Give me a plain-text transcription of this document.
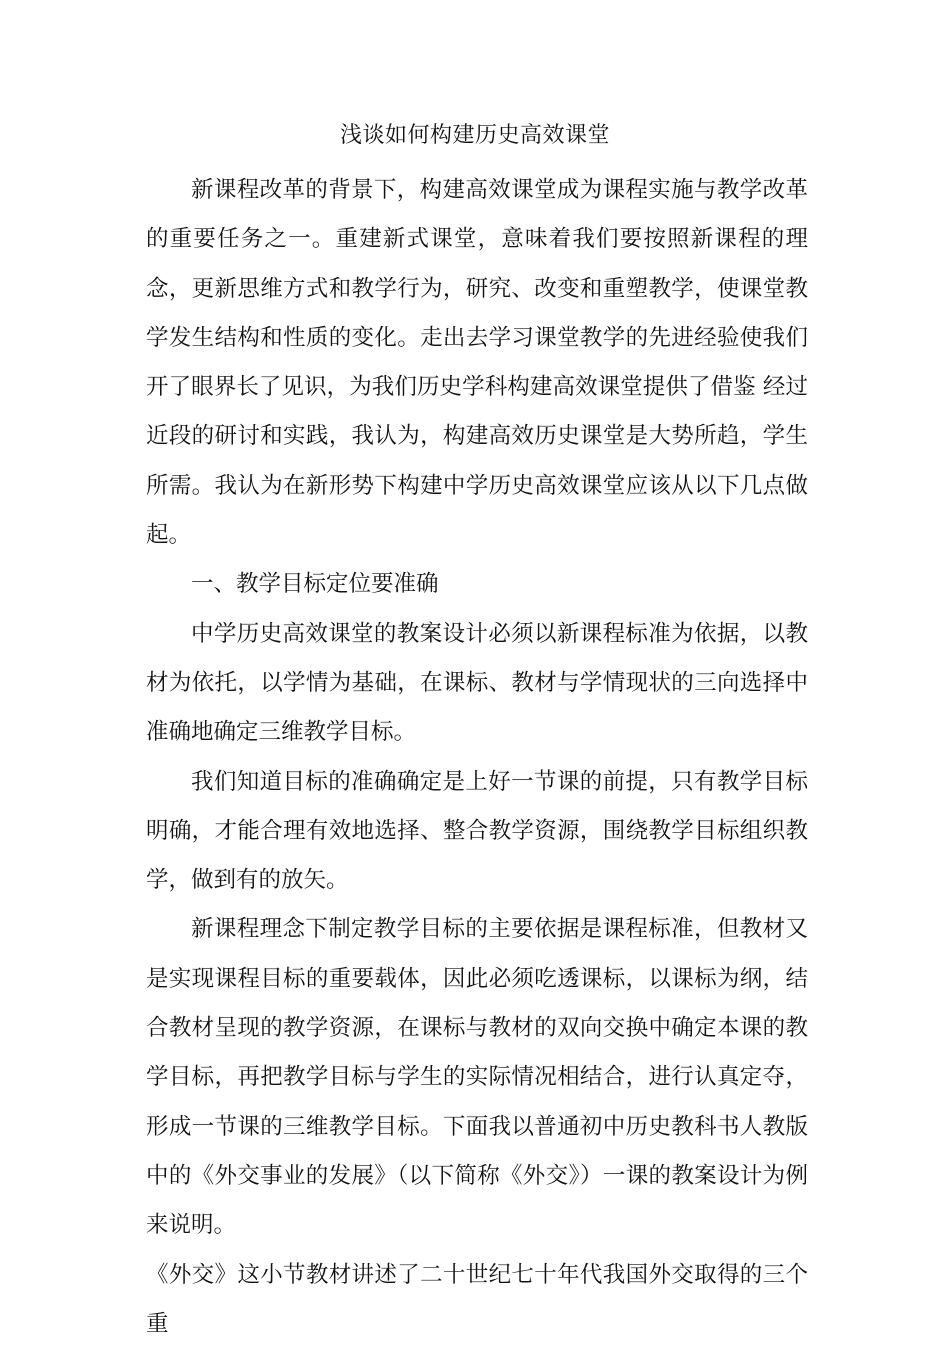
浅谈如何构建历史高效课堂

新课程改革的背景下，构建高效课堂成为课程实施与教学改革的重要任务之一。重建新式课堂，意味着我们要按照新课程的理念，更新思维方式和教学行为，研究、改变和重塑教学，使课堂教学发生结构和性质的变化。走出去学习课堂教学的先进经验使我们开了眼界长了见识，为我们历史学科构建高效课堂提供了借鉴 经过近段的研讨和实践，我认为，构建高效历史课堂是大势所趋，学生所需。我认为在新形势下构建中学历史高效课堂应该从以下几点做起。

一、教学目标定位要准确

中学历史高效课堂的教案设计必须以新课程标准为依据，以教材为依托，以学情为基础，在课标、教材与学情现状的三向选择中准确地确定三维教学目标。

我们知道目标的准确确定是上好一节课的前提，只有教学目标明确，才能合理有效地选择、整合教学资源，围绕教学目标组织教学，做到有的放矢。

新课程理念下制定教学目标的主要依据是课程标准，但教材又是实现课程目标的重要载体，因此必须吃透课标，以课标为纲，结合教材呈现的教学资源，在课标与教材的双向交换中确定本课的教学目标，再把教学目标与学生的实际情况相结合，进行认真定夺，形成一节课的三维教学目标。下面我以普通初中历史教科书人教版中的《外交事业的发展》（以下简称《外交》）一课的教案设计为例来说明。

《外交》这小节教材讲述了二十世纪七十年代我国外交取得的三个重
